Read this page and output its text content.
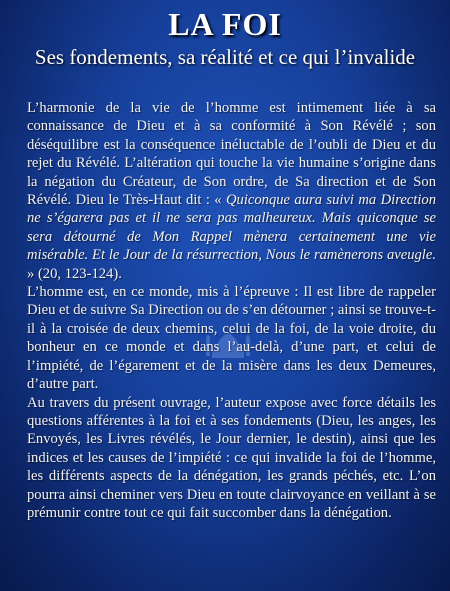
LA FOI
Ses fondements, sa réalité et ce qui l’invalide

L’harmonie de la vie de l’homme est intimement liée à sa connaissance de Dieu et à sa conformité à Son Révélé ; son déséquilibre est la conséquence inéluctable de l’oubli de Dieu et du rejet du Révélé. L’altération qui touche la vie humaine s’origine dans la négation du Créateur, de Son ordre, de Sa direction et de Son Révélé. Dieu le Très-Haut dit : « Quiconque aura suivi ma Direction ne s’égarera pas et il ne sera pas malheureux. Mais quiconque se sera détourné de Mon Rappel mènera certainement une vie misérable. Et le Jour de la résurrection, Nous le ramènerons aveugle. » (20, 123-124).

L’homme est, en ce monde, mis à l’épreuve : Il est libre de rappeler Dieu et de suivre Sa Direction ou de s’en détourner ; ainsi se trouve-t-il à la croisée de deux chemins, celui de la foi, de la voie droite, du bonheur en ce monde et dans l’au-delà, d’une part, et celui de l’impiété, de l’égarement et de la misère dans les deux Demeures, d’autre part.

Au travers du présent ouvrage, l’auteur expose avec force détails les questions afférentes à la foi et à ses fondements (Dieu, les anges, les Envoyés, les Livres révélés, le Jour dernier, le destin), ainsi que les indices et les causes de l’impiété : ce qui invalide la foi de l’homme, les différents aspects de la dénégation, les grands péchés, etc. L’on pourra ainsi cheminer vers Dieu en toute clairvoyance en veillant à se prémunir contre tout ce qui fait succomber dans la dénégation.
